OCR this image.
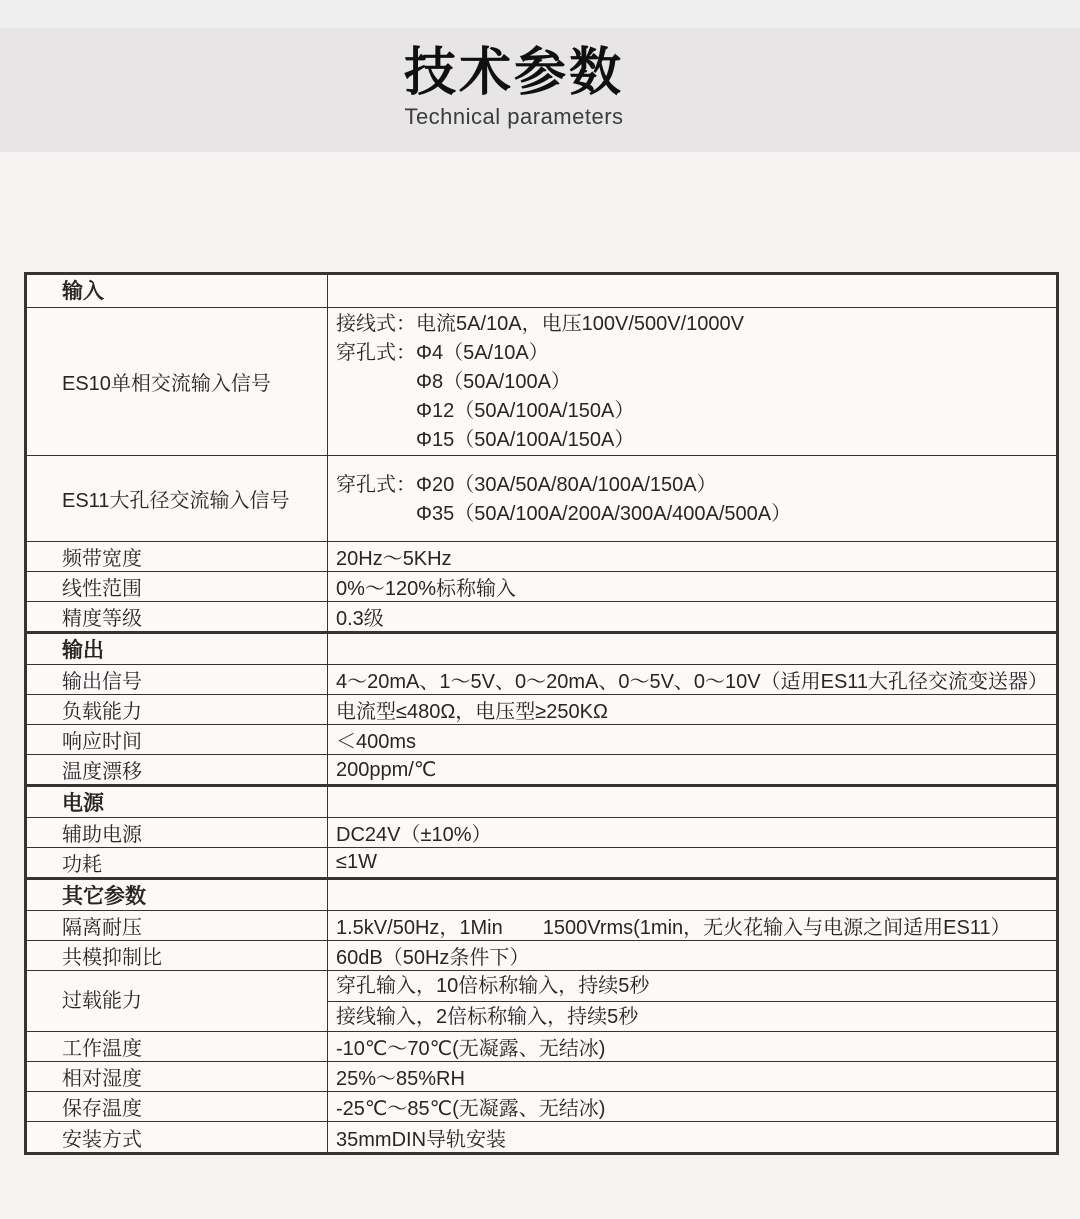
技术参数
Technical parameters
输入	
ES10单相交流输入信号	接线式：电流5A/10A，电压100V/500V/1000V
穿孔式：Φ4（5A/10A）
Φ8（50A/100A）
Φ12（50A/100A/150A）
Φ15（50A/100A/150A）

ES11大孔径交流输入信号	穿孔式：Φ20（30A/50A/80A/100A/150A）
Φ35（50A/100A/200A/300A/400A/500A）

频带宽度	20Hz～5KHz
线性范围	0%～120%标称输入
精度等级	0.3级
输出	
输出信号	4～20mA、1～5V、0～20mA、0～5V、0～10V（适用ES11大孔径交流变送器）
负载能力	电流型≤480Ω，电压型≥250KΩ
响应时间	＜400ms
温度漂移	200ppm/℃
电源	
辅助电源	DC24V（±10%）
功耗	≤1W
其它参数	
隔离耐压	1.5kV/50Hz，1Min　　1500Vrms(1min，无火花输入与电源之间适用ES11）
共模抑制比	60dB（50Hz条件下）
过载能力	穿孔输入，10倍标称输入，持续5秒
接线输入，2倍标称输入，持续5秒

工作温度	-10℃～70℃(无凝露、无结冰)
相对湿度	25%～85%RH
保存温度	-25℃～85℃(无凝露、无结冰)
安装方式	35mmDIN导轨安装
